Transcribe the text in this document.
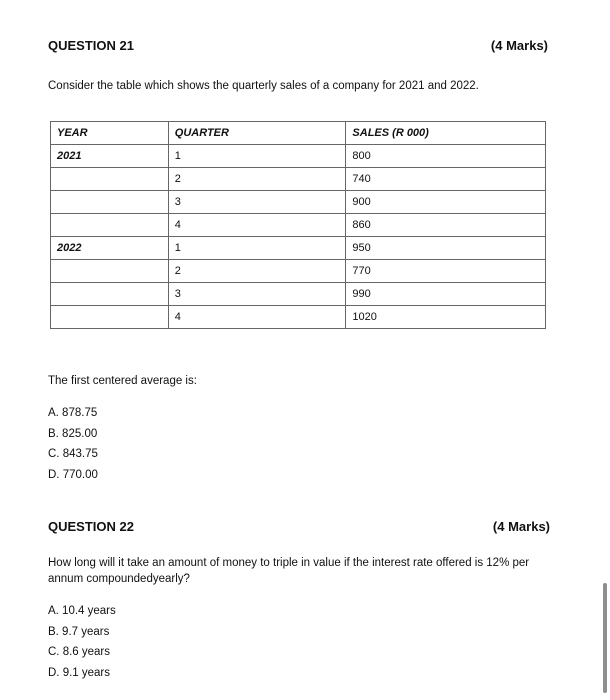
QUESTION 21	(4 Marks)
Consider the table which shows the quarterly sales of a company for 2021 and 2022.
YEAR	QUARTER	SALES (R 000)
2021	1	800
	2	740
	3	900
	4	860
2022	1	950
	2	770
	3	990
	4	1020
The first centered average is:
A. 878.75
B. 825.00
C. 843.75
D. 770.00
QUESTION 22	(4 Marks)
How long will it take an amount of money to triple in value if the interest rate offered is 12% per annum compoundedyearly?
A. 10.4 years
B. 9.7 years
C. 8.6 years
D. 9.1 years
